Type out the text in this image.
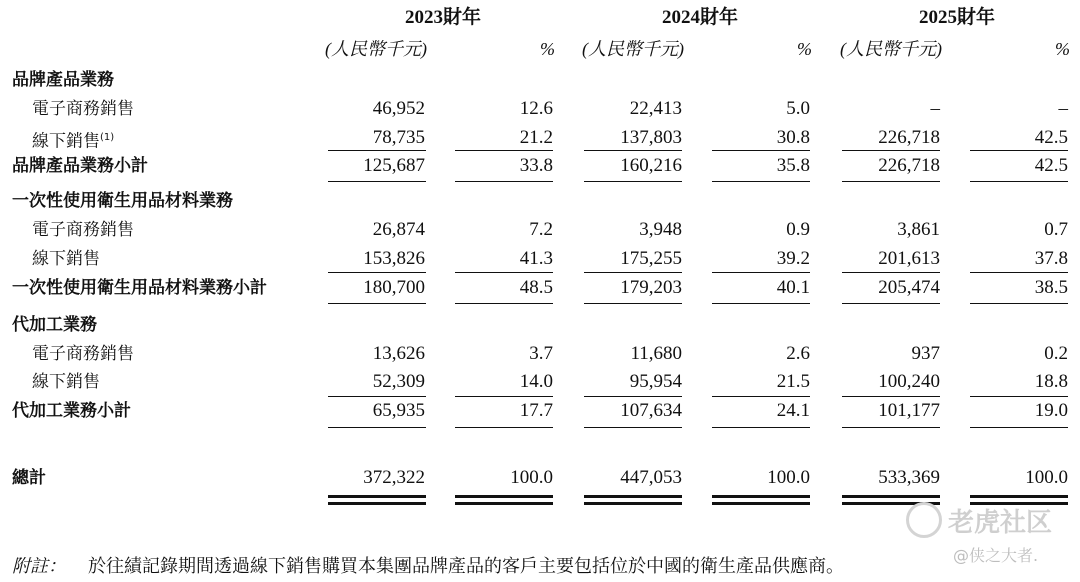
2023財年	2024財年	2025財年
(人民幣千元)	% (人民幣千元)	% (人民幣千元)	%
品牌產品業務
電子商務銷售	46,952	12.6	22,413	5.0	–	–
線下銷售$^{(1)}$	78,735	21.2	137,803	30.8	226,718	42.5
品牌產品業務小計	125,687	33.8	160,216	35.8	226,718	42.5
一次性使用衛生用品材料業務
電子商務銷售	26,874	7.2	3,948	0.9	3,861	0.7
線下銷售	153,826	41.3	175,255	39.2	201,613	37.8
一次性使用衛生用品材料業務小計	180,700	48.5	179,203	40.1	205,474	38.5
代加工業務
電子商務銷售	13,626	3.7	11,680	2.6	937	0.2
線下銷售	52,309	14.0	95,954	21.5	100,240	18.8
代加工業務小計	65,935	17.7	107,634	24.1	101,177	19.0
總計	372,322	100.0	447,053	100.0	533,369	100.0
老虎社区
@侠之大者.
附註： 於往績記錄期間透過線下銷售購買本集團品牌產品的客戶主要包括位於中國的衛生產品供應商。
